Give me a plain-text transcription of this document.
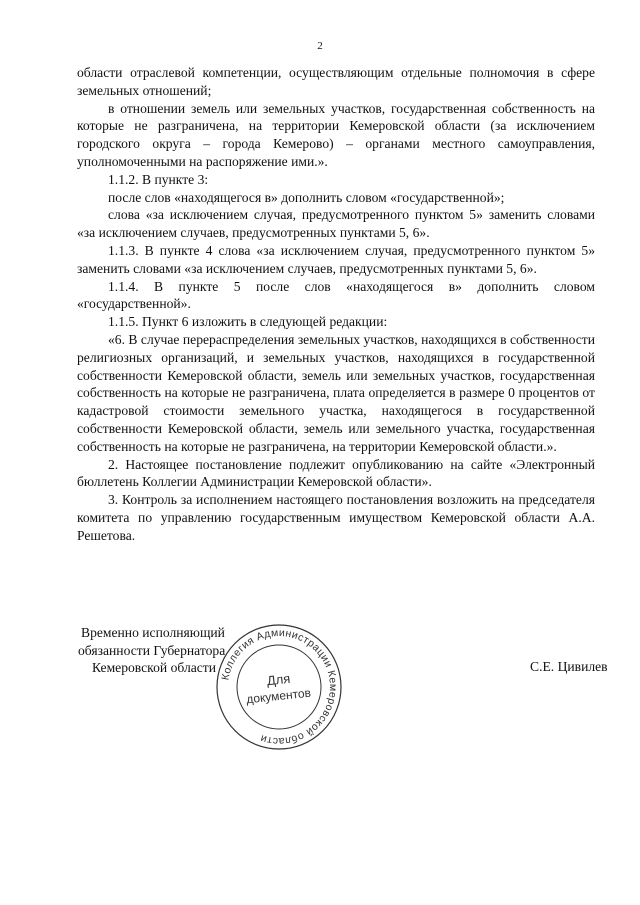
2

области отраслевой компетенции, осуществляющим отдельные полномочия в сфере земельных отношений;

в отношении земель или земельных участков, государственная собственность на которые не разграничена, на территории Кемеровской области (за исключением городского округа – города Кемерово) – органами местного самоуправления, уполномоченными на распоряжение ими.».

1.1.2. В пункте 3:

после слов «находящегося в» дополнить словом «государственной»;

слова «за исключением случая, предусмотренного пунктом 5» заменить словами «за исключением случаев, предусмотренных пунктами 5, 6».

1.1.3. В пункте 4 слова «за исключением случая, предусмотренного пунктом 5» заменить словами «за исключением случаев, предусмотренных пунктами 5, 6».

1.1.4. В пункте 5 после слов «находящегося в» дополнить словом «государственной».

1.1.5. Пункт 6 изложить в следующей редакции:

«6. В случае перераспределения земельных участков, находящихся в собственности религиозных организаций, и земельных участков, находящихся в государственной собственности Кемеровской области, земель или земельных участков, государственная собственность на которые не разграничена, плата определяется в размере 0 процентов от кадастровой стоимости земельного участка, находящегося в государственной собственности Кемеровской области, земель или земельного участка, государственная собственность на которые не разграничена, на территории Кемеровской области.».

2. Настоящее постановление подлежит опубликованию на сайте «Электронный бюллетень Коллегии Администрации Кемеровской области».

3. Контроль за исполнением настоящего постановления возложить на председателя комитета по управлению государственным имуществом Кемеровской области А.А. Решетова.

Временно исполняющий
обязанности Губернатора
Кемеровской области
Коллегия Администрации Кемеровской области
Для
документов
С.Е. Цивилев
